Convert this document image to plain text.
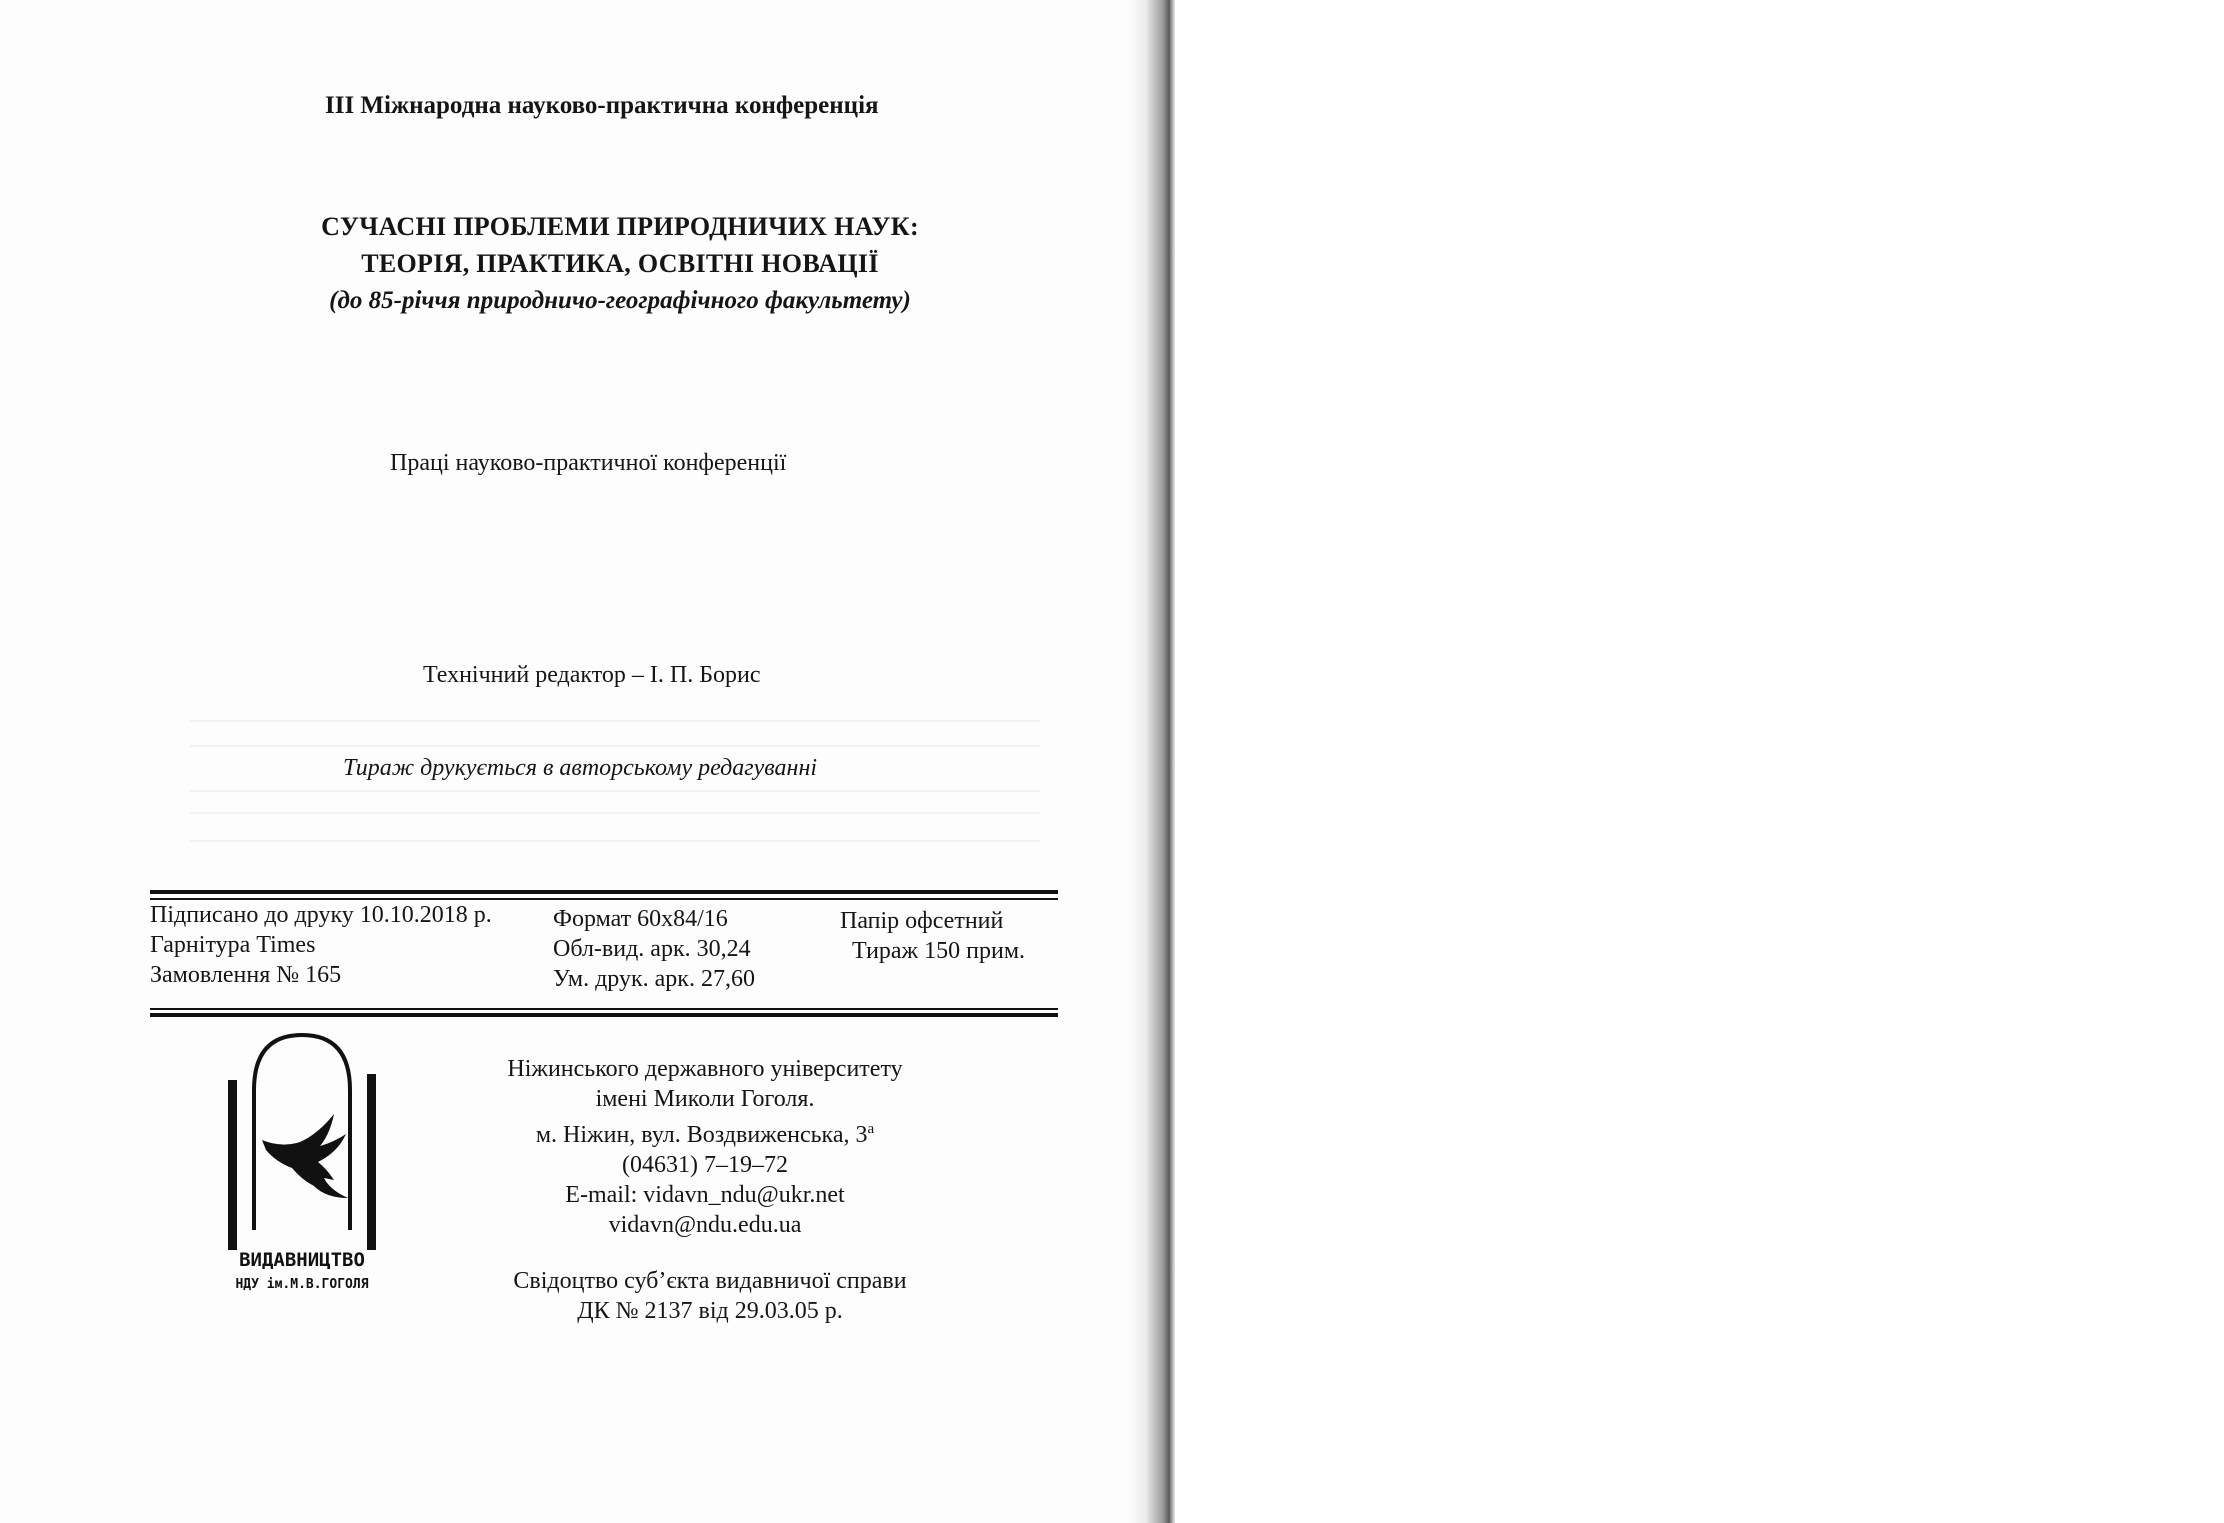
III Міжнародна науково-практична конференція
СУЧАСНІ ПРОБЛЕМИ ПРИРОДНИЧИХ НАУК:
ТЕОРІЯ, ПРАКТИКА, ОСВІТНІ НОВАЦІЇ
(до 85-річчя природничо-географічного факультету)
Праці науково-практичної конференції
Технічний редактор – І. П. Борис
Тираж друкується в авторському редагуванні
Підписано до друку 10.10.2018 р.
Гарнітура Times
Замовлення № 165
Формат 60x84/16
Обл-вид. арк. 30,24
Ум. друк. арк. 27,60
Папір офсетний
Тираж 150 прим.
ВИДАВНИЦТВО
НДУ ім.М.В.ГОГОЛЯ
Ніжинського державного університету
імені Миколи Гоголя.
м. Ніжин, вул. Воздвиженська, $3^а$
(04631) 7–19–72
E-mail: vidavn_ndu@ukr.net
vidavn@ndu.edu.ua
Свідоцтво суб’єкта видавничої справи
ДК № 2137 від 29.03.05 р.
